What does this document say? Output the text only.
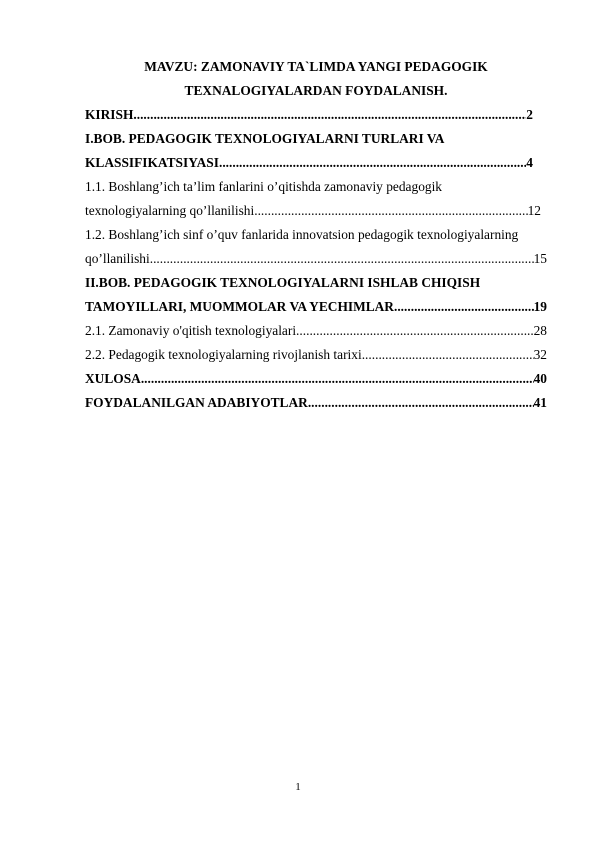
MAVZU: ZAMONAVIY TA`LIMDA YANGI PEDAGOGIK
TEXNALOGIYALARDAN FOYDALANISH.
KIRISH .....	2
I.BOB. PEDAGOGIK TEXNOLOGIYALARNI TURLARI VA
KLASSIFIKATSIYASI .....	4
1.1. Boshlang’ich ta’lim fanlarini o’qitishda zamonaviy pedagogik
texnologiyalarning qo’llanilishi .....	12
1.2. Boshlang’ich sinf o’quv fanlarida innovatsion pedagogik texnologiyalarning
qo’llanilishi .....	15
II.BOB. PEDAGOGIK TEXNOLOGIYALARNI ISHLAB CHIQISH
TAMOYILLARI, MUOMMOLAR VA YECHIMLAR .....	19
2.1. Zamonaviy o'qitish texnologiyalari .....	28
2.2. Pedagogik texnologiyalarning rivojlanish tarixi .....	32
XULOSA .....	40
FOYDALANILGAN ADABIYOTLAR .....	41
1
